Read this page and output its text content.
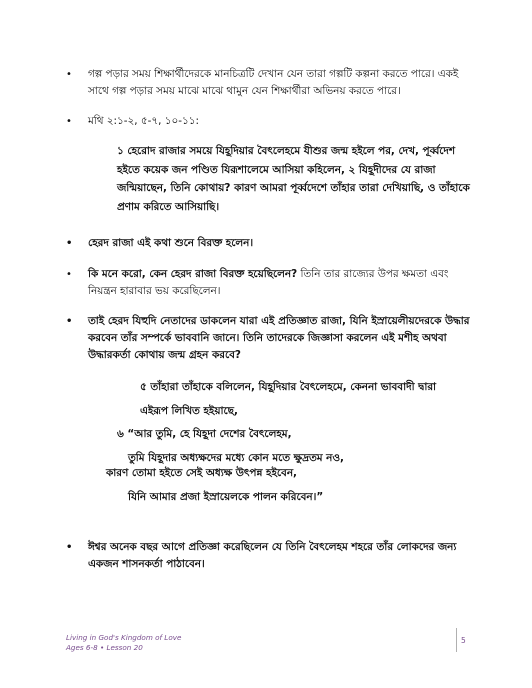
• গল্প পড়ার সময় শিক্ষার্থীদেরকে মানচিত্রটি দেখান যেন তারা গল্পটি কল্পনা করতে পারে। একই সাথে গল্প পড়ার সময় মাঝে মাঝে থামুন যেন শিক্ষার্থীরা অভিনয় করতে পারে।
• মথি ২:১-২, ৫-৭, ১০-১১:
১ হেরোদ রাজার সময়ে যিহূদিয়ার বৈৎলেহমে যীশুর জন্ম হইলে পর, দেখ, পূর্ব্বদেশ হইতে কয়েক জন পণ্ডিত যিরূশালেমে আসিয়া কহিলেন, ২ যিহূদীদের যে রাজা জন্মিয়াছেন, তিনি কোথায়? কারণ আমরা পূর্ব্বদেশে তাঁহার তারা দেখিয়াছি, ও তাঁহাকে প্রণাম করিতে আসিয়াছি।
• হেরদ রাজা এই কথা শুনে বিরক্ত হলেন।
• কি মনে করো, কেন হেরদ রাজা বিরক্ত হয়েছিলেন? তিনি তার রাজ্যের উপর ক্ষমতা এবং নিয়ন্ত্রন হারাবার ভয় করেছিলেন।
• তাই হেরদ যিহুদি নেতাদের ডাকলেন যারা এই প্রতিজ্ঞাত রাজা, যিনি ইস্রায়েলীয়দেরকে উদ্ধার করবেন তাঁর সম্পর্কে ভাববানি জানে। তিনি তাদেরকে জিজ্ঞাসা করলেন এই মশীহ অথবা উদ্ধারকর্তা কোথায় জন্ম গ্রহন করবে?
৫ তাঁহারা তাঁহাকে বলিলেন, যিহূদিয়ার বৈৎলেহমে, কেননা ভাববাদী দ্বারা
এইরূপ লিখিত হইয়াছে,
৬ “আর তুমি, হে যিহূদা দেশের বৈৎলেহম,
তুমি যিহূদার অধ্যক্ষদের মধ্যে কোন মতে ক্ষুদ্রতম নও,
কারণ তোমা হইতে সেই অধ্যক্ষ উৎপন্ন হইবেন,
যিনি আমার প্রজা ইস্রায়েলকে পালন করিবেন।”
• ঈশ্বর অনেক বছর আগে প্রতিজ্ঞা করেছিলেন যে তিনি বৈৎলেহম শহরে তাঁর লোকদের জন্য একজন শাসনকর্তা পাঠাবেন।
Living in God's Kingdom of Love
Ages 6-8 • Lesson 20
5
